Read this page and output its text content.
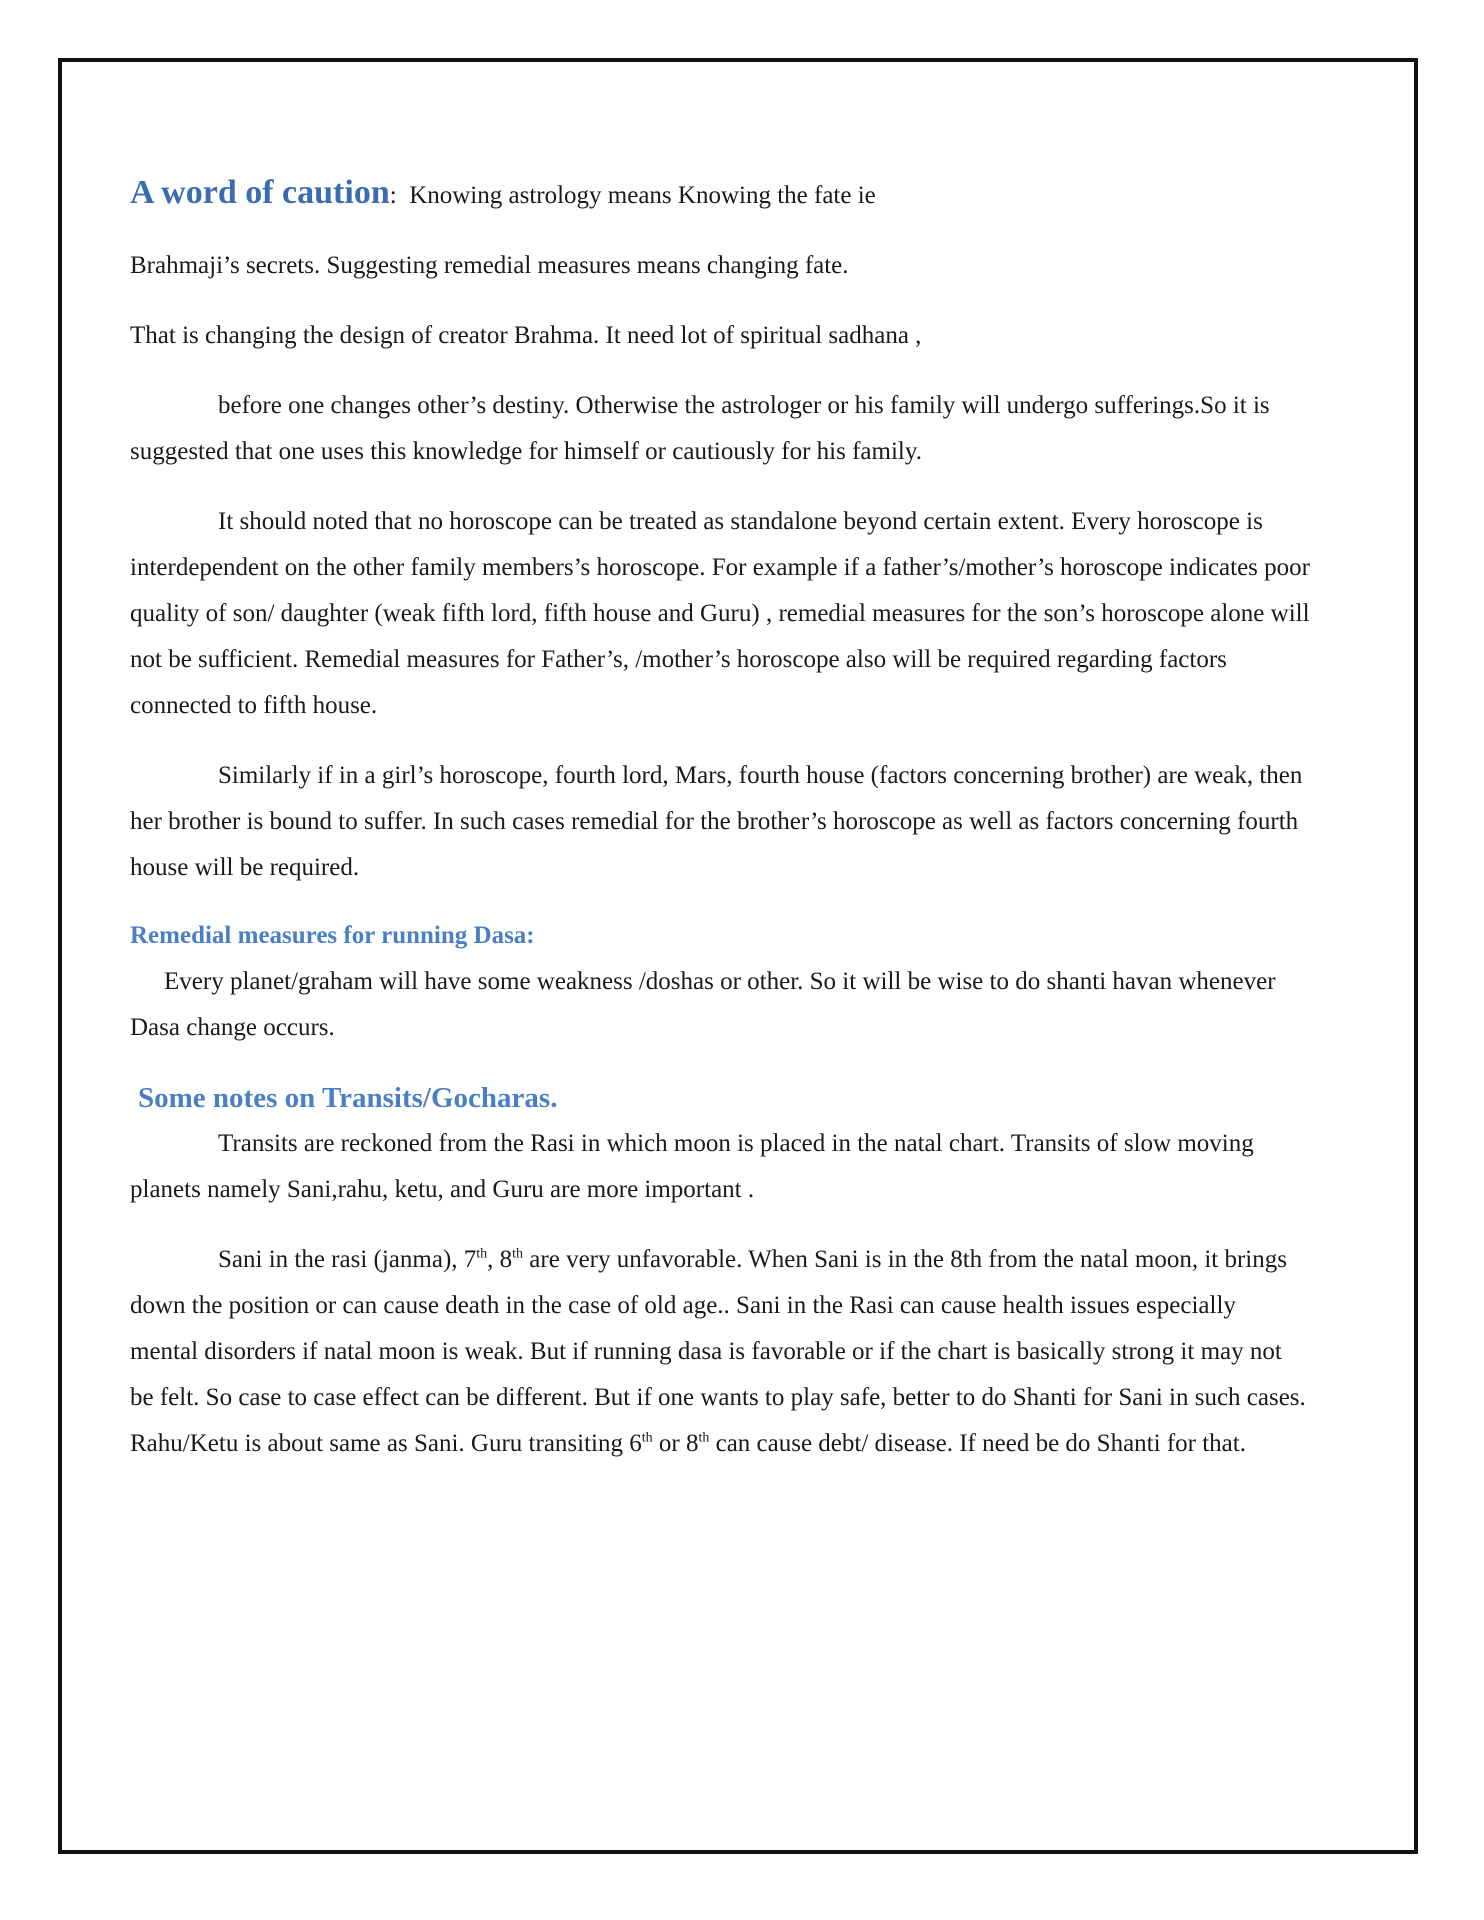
A word of caution: Knowing astrology means Knowing the fate ie

Brahmaji’s secrets. Suggesting remedial measures means changing fate.

That is changing the design of creator Brahma. It need lot of spiritual sadhana ,

before one changes other’s destiny. Otherwise the astrologer or his family will undergo sufferings.So it is suggested that one uses this knowledge for himself or cautiously for his family.

It should noted that no horoscope can be treated as standalone beyond certain extent. Every horoscope is interdependent on the other family members’s horoscope. For example if a father’s/mother’s horoscope indicates poor quality of son/ daughter (weak fifth lord, fifth house and Guru) , remedial measures for the son’s horoscope alone will not be sufficient. Remedial measures for Father’s, /mother’s horoscope also will be required regarding factors connected to fifth house.

Similarly if in a girl’s horoscope, fourth lord, Mars, fourth house (factors concerning brother) are weak, then her brother is bound to suffer. In such cases remedial for the brother’s horoscope as well as factors concerning fourth house will be required.

Remedial measures for running Dasa:

Every planet/graham will have some weakness /doshas or other. So it will be wise to do shanti havan whenever Dasa change occurs.

Some notes on Transits/Gocharas.

Transits are reckoned from the Rasi in which moon is placed in the natal chart. Transits of slow moving planets namely Sani,rahu, ketu, and Guru are more important .

Sani in the rasi (janma), 7th, 8th are very unfavorable. When Sani is in the 8th from the natal moon, it brings down the position or can cause death in the case of old age.. Sani in the Rasi can cause health issues especially mental disorders if natal moon is weak. But if running dasa is favorable or if the chart is basically strong it may not be felt. So case to case effect can be different. But if one wants to play safe, better to do Shanti for Sani in such cases. Rahu/Ketu is about same as Sani. Guru transiting 6th or 8th can cause debt/ disease. If need be do Shanti for that.
